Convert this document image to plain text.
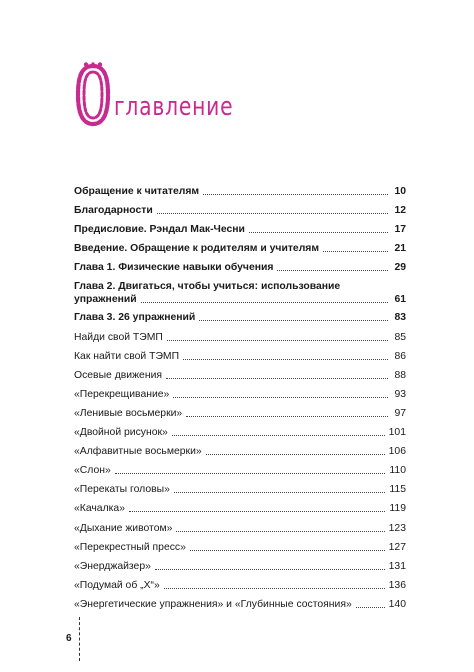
главление
Обращение к читателям	10
Благодарности	12
Предисловие. Рэндал Мак-Чесни	17
Введение. Обращение к родителям и учителям	21
Глава 1. Физические навыки обучения	29
Глава 2. Двигаться, чтобы учиться: использование
упражнений	61
Глава 3. 26 упражнений	83
Найди свой ТЭМП	85
Как найти свой ТЭМП	86
Осевые движения	88
«Перекрещивание»	93
«Ленивые восьмерки»	97
«Двойной рисунок»	101
«Алфавитные восьмерки»	106
«Слон»	110
«Перекаты головы»	115
«Качалка»	119
«Дыхание животом»	123
«Перекрестный пресс»	127
«Энерджайзер»	131
«Подумай об „Х“»	136
«Энергетические упражнения» и «Глубинные состояния»	140
6
